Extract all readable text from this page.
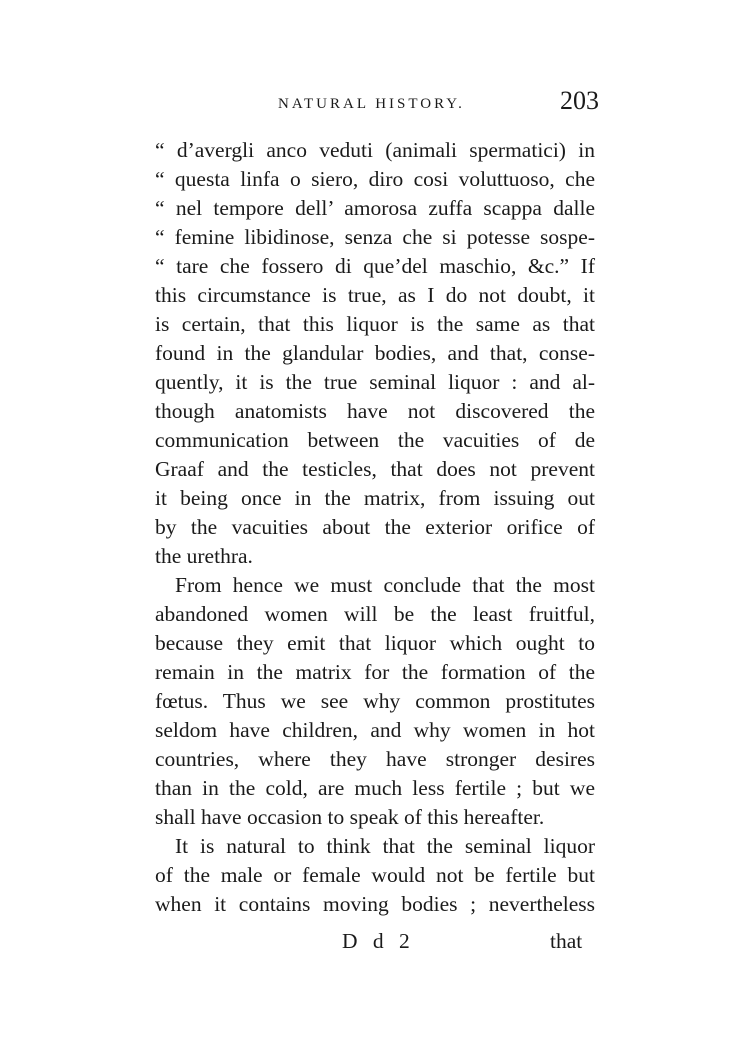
NATURAL HISTORY.	203
“ d’avergli anco veduti (animali spermatici) in
“ questa linfa o siero, diro cosi voluttuoso, che
“ nel tempore dell’ amorosa zuffa scappa dalle
“ femine libidinose, senza che si potesse sospe-
“ tare che fossero di que’del maschio, &c.” If
this circumstance is true, as I do not doubt, it
is certain, that this liquor is the same as that
found in the glandular bodies, and that, conse-
quently, it is the true seminal liquor : and al-
though anatomists have not discovered the
communication between the vacuities of de
Graaf and the testicles, that does not prevent
it being once in the matrix, from issuing out
by the vacuities about the exterior orifice of
the urethra.
From hence we must conclude that the most
abandoned women will be the least fruitful,
because they emit that liquor which ought to
remain in the matrix for the formation of the
fœtus. Thus we see why common prostitutes
seldom have children, and why women in hot
countries, where they have stronger desires
than in the cold, are much less fertile ; but we
shall have occasion to speak of this hereafter.
It is natural to think that the seminal liquor
of the male or female would not be fertile but
when it contains moving bodies ; nevertheless
D d 2	that
